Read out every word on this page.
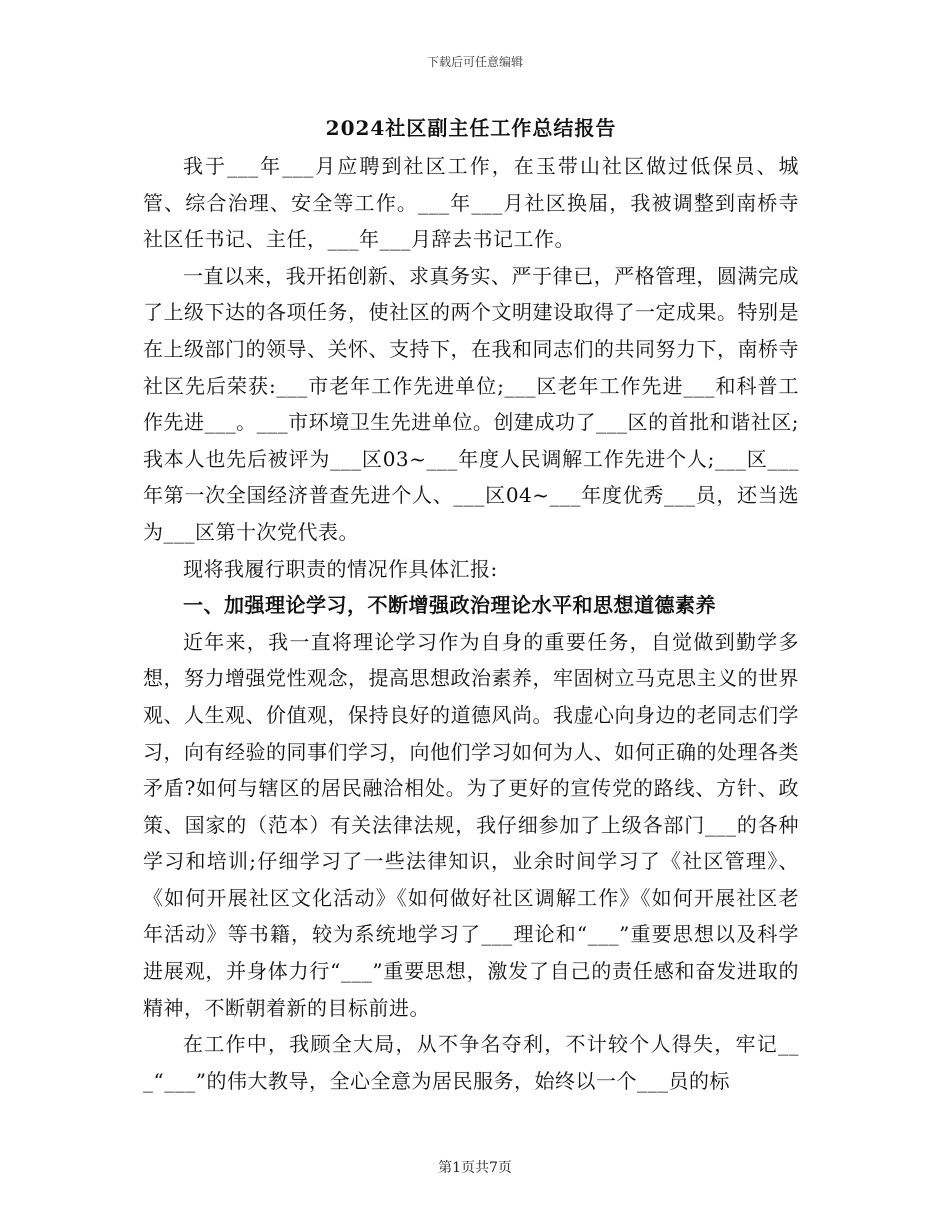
下载后可任意编辑

2024社区副主任工作总结报告

我于___年___月应聘到社区工作，在玉带山社区做过低保员、城管、综合治理、安全等工作。___年___月社区换届，我被调整到南桥寺社区任书记、主任，___年___月辞去书记工作。

一直以来，我开拓创新、求真务实、严于律已，严格管理，圆满完成了上级下达的各项任务，使社区的两个文明建设取得了一定成果。特别是在上级部门的领导、关怀、支持下，在我和同志们的共同努力下，南桥寺社区先后荣获:___市老年工作先进单位;___区老年工作先进___和科普工作先进___。___市环境卫生先进单位。创建成功了___区的首批和谐社区;我本人也先后被评为___区03~___年度人民调解工作先进个人;___区___年第一次全国经济普查先进个人、___区04~___年度优秀___员，还当选为___区第十次党代表。

现将我履行职责的情况作具体汇报:

一、加强理论学习，不断增强政治理论水平和思想道德素养

近年来，我一直将理论学习作为自身的重要任务，自觉做到勤学多想，努力增强党性观念，提高思想政治素养，牢固树立马克思主义的世界观、人生观、价值观，保持良好的道德风尚。我虚心向身边的老同志们学习，向有经验的同事们学习，向他们学习如何为人、如何正确的处理各类矛盾?如何与辖区的居民融洽相处。为了更好的宣传党的路线、方针、政策、国家的（范本）有关法律法规，我仔细参加了上级各部门___的各种学习和培训;仔细学习了一些法律知识，业余时间学习了《社区管理》、《如何开展社区文化活动》《如何做好社区调解工作》《如何开展社区老年活动》等书籍，较为系统地学习了___理论和“___”重要思想以及科学进展观，并身体力行“___”重要思想，激发了自己的责任感和奋发进取的精神，不断朝着新的目标前进。

在工作中，我顾全大局，从不争名夺利，不计较个人得失，牢记___“___”的伟大教导，全心全意为居民服务，始终以一个___员的标

第1页共7页
